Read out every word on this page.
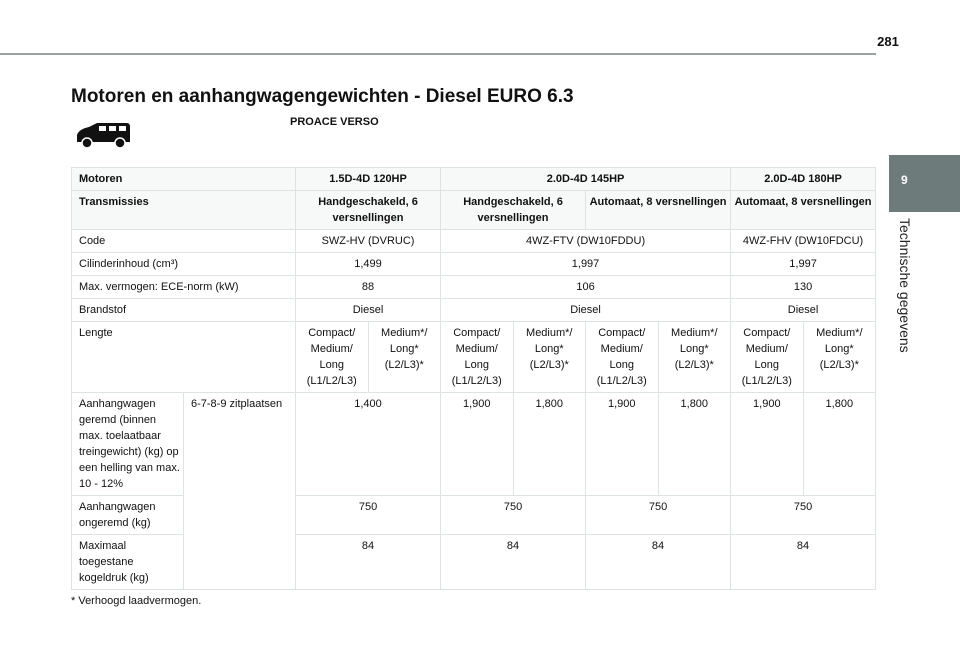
281
Motoren en aanhangwagengewichten - Diesel EURO 6.3
PROACE VERSO
9
Technische gegevens
Motoren		1.5D-4D 120HP		2.0D-4D 145HP				2.0D-4D 180HP	
Transmissies		Handgeschakeld, 6 versnellingen		Handgeschakeld, 6 versnellingen		Automaat, 8 versnellingen		Automaat, 8 versnellingen	
Code		SWZ-HV (DVRUC)		4WZ-FTV (DW10FDDU)				4WZ-FHV (DW10FDCU)	
Cilinderinhoud (cm³)		1,499		1,997				1,997	
Max. vermogen: ECE-norm (kW)		88		106				130	
Brandstof		Diesel		Diesel				Diesel	
Lengte		Compact/ Medium/ Long (L1/L2/L3)	Medium*/ Long* (L2/L3)*	Compact/ Medium/ Long (L1/L2/L3)	Medium*/ Long* (L2/L3)*	Compact/ Medium/ Long (L1/L2/L3)	Medium*/ Long* (L2/L3)*	Compact/ Medium/ Long (L1/L2/L3)	Medium*/ Long* (L2/L3)*
Aanhangwagen geremd (binnen max. toelaatbaar treingewicht) (kg) op een helling van max. 10 - 12%	6-7-8-9 zitplaatsen	1,400		1,900	1,800	1,900	1,800	1,900	1,800
Aanhangwagen ongeremd (kg)		750		750		750		750	
Maximaal toegestane kogeldruk (kg)		84		84		84		84	
* Verhoogd laadvermogen.
